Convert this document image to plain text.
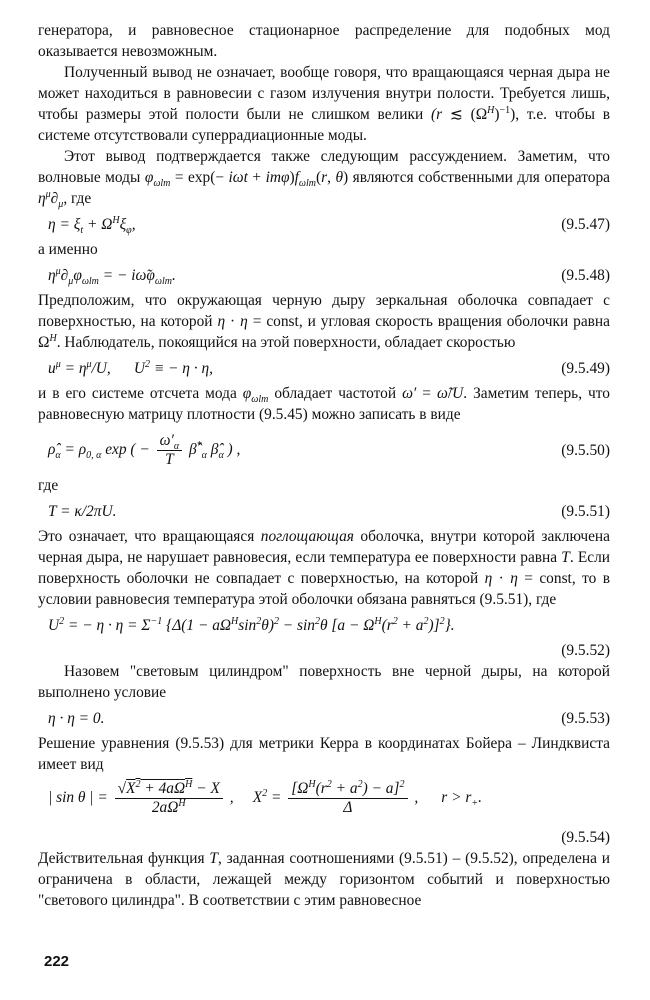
генератора, и равновесное стационарное распределение для подобных мод оказывается невозможным.

Полученный вывод не означает, вообще говоря, что вращающаяся черная дыра не может находиться в равновесии с газом излучения внутри полости. Требуется лишь, чтобы размеры этой полости были не слишком велики (r ≲ $(\Omega^H)^{-1}$), т.е. чтобы в системе отсутствовали суперрадиационные моды.

Этот вывод подтверждается также следующим рассуждением. Заметим, что волновые моды $\varphi_{\omega lm} = \exp(- i\omega t + im\varphi)f_{\omega lm}(r$, θ) являются собственными для оператора $\eta^\mu\partial_\mu$, где

$\eta = \xi_t + \Omega^H\xi_\varphi$,	(9.5.47)

а именно

$\eta^\mu\partial_\mu\varphi_{\omega lm}$ = − $i\omegã\varphi_{\omega lm}$.	(9.5.48)

Предположим, что окружающая черную дыру зеркальная оболочка совпадает с поверхностью, на которой η · η = const, и угловая скорость вращения оболочки равна $\Omega^H$. Наблюдатель, покоящийся на этой поверхности, обладает скоростью

$u^\mu = \eta^\mu/U$,      $U^2$ ≡ − η · η,	(9.5.49)

и в его системе отсчета мода $\varphi_{\omega lm}$ обладает частотой ω′ = ω̃/U. Заметим теперь, что равновесную матрицу плотности (9.5.45) можно записать в виде

$\rhô_\alpha = \rho_{0, \alpha}$ exp ( − $\frac{\omega'_\alpha}{T}$ $\betâ^*_\alpha$ $\betâ_\alpha$ ) ,	(9.5.50)

где

T = κ/2πU.	(9.5.51)

Это означает, что вращающаяся поглощающая оболочка, внутри которой заключена черная дыра, не нарушает равновесия, если температура ее поверхности равна T. Если поверхность оболочки не совпадает с поверхностью, на которой η · η = const, то в условии равновесия температура этой оболочки обязана равняться (9.5.51), где

$U^2$ = − $\eta \cdot \eta = \Sigma^{-1}$ {$\Delta(1 - a\Omega^H\sin^2\theta)^2 - \sin^2\theta$ $[a - \Omega^H(r^2 + a^2)]^2$}.
(9.5.52)

Назовем "световым цилиндром" поверхность вне черной дыры, на которой выполнено условие

η · η = 0.	(9.5.53)

Решение уравнения (9.5.53) для метрики Керра в координатах Бойера – Линдквиста имеет вид

| sin θ | = $\frac{√X^2 + 4a\Omega^H - X}{2a\Omega^H}$ ,     $X^2 = \frac{[\Omega^H(r^2 + a^2) - a]^2}{\Delta}$ ,      $r > r_+$.
(9.5.54)

Действительная функция T, заданная соотношениями (9.5.51) – (9.5.52), определена и ограничена в области, лежащей между горизонтом событий и поверхностью "светового цилиндра". В соответствии с этим равновесное

222
